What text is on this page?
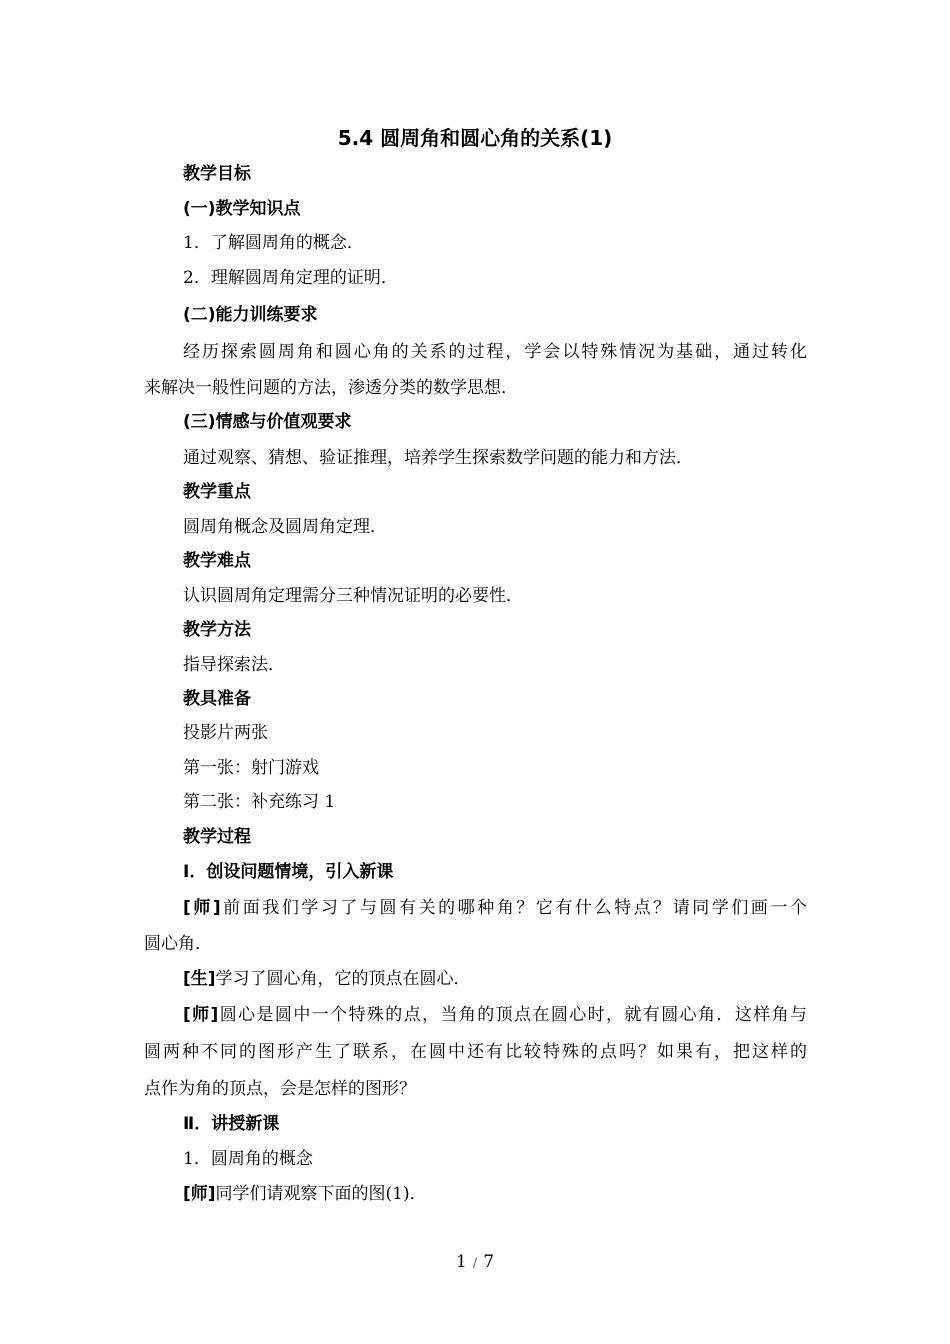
5.4 圆周角和圆心角的关系(1)
教学目标
(一)教学知识点
1．了解圆周角的概念．
2．理解圆周角定理的证明．
(二)能力训练要求
经历探索圆周角和圆心角的关系的过程，学会以特殊情况为基础，通过转化
来解决一般性问题的方法，渗透分类的数学思想．
(三)情感与价值观要求
通过观察、猜想、验证推理，培养学生探索数学问题的能力和方法．
教学重点
圆周角概念及圆周角定理．
教学难点
认识圆周角定理需分三种情况证明的必要性．
教学方法
指导探索法．
教具准备
投影片两张
第一张：射门游戏
第二张：补充练习 1
教学过程
Ⅰ．创设问题情境，引入新课
[师]前面我们学习了与圆有关的哪种角？它有什么特点？请同学们画一个
圆心角．
[生]学习了圆心角，它的顶点在圆心．
[师]圆心是圆中一个特殊的点，当角的顶点在圆心时，就有圆心角．这样角与
圆两种不同的图形产生了联系，在圆中还有比较特殊的点吗？如果有，把这样的
点作为角的顶点，会是怎样的图形？
Ⅱ．讲授新课
1．圆周角的概念
[师]同学们请观察下面的图(1)．
1 / 7
